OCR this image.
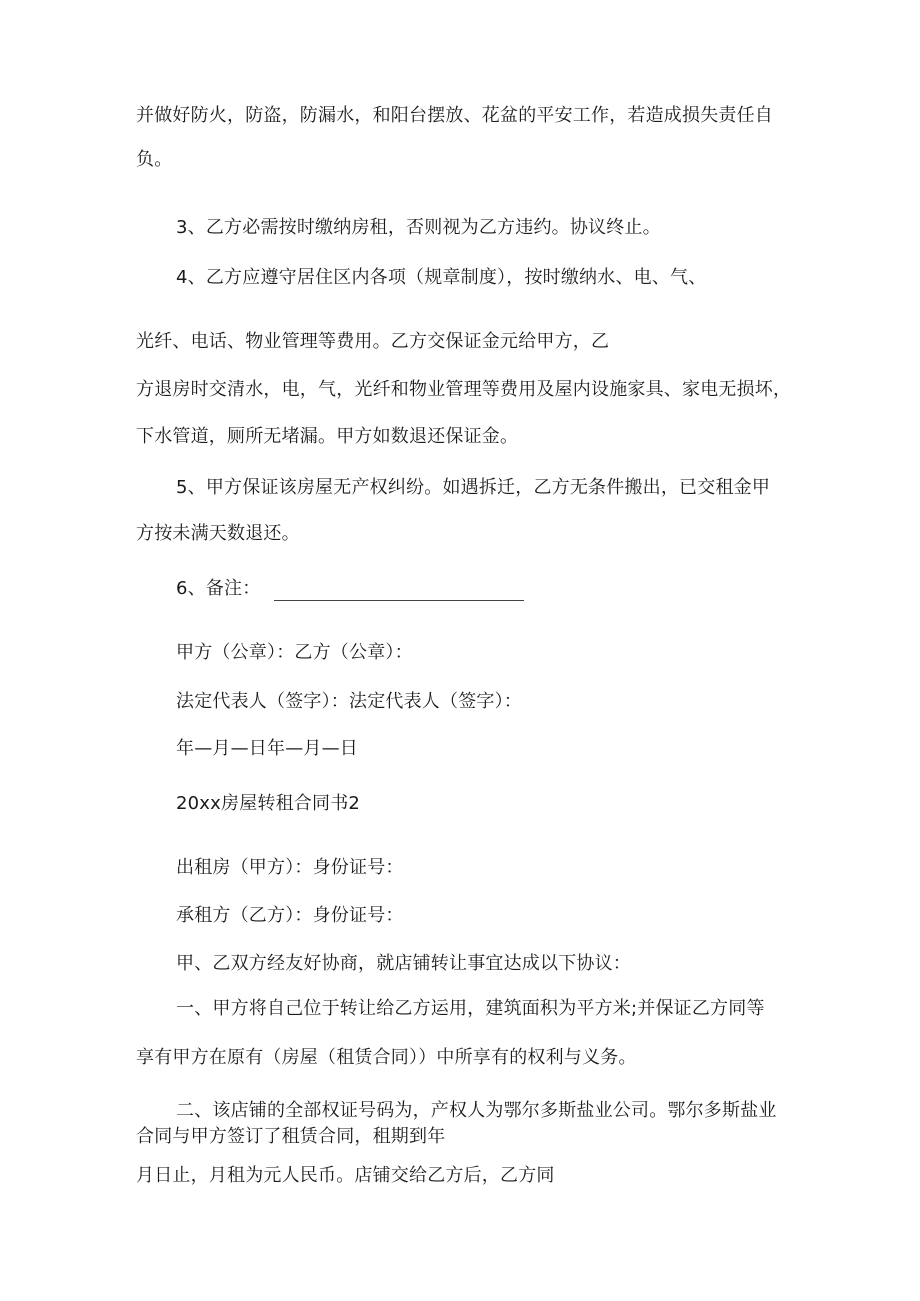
并做好防火，防盗，防漏水，和阳台摆放、花盆的平安工作，若造成损失责任自
负。
3、乙方必需按时缴纳房租，否则视为乙方违约。协议终止。
4、乙方应遵守居住区内各项（规章制度），按时缴纳水、电、气、
光纤、电话、物业管理等费用。乙方交保证金元给甲方，乙
方退房时交清水，电，气，光纤和物业管理等费用及屋内设施家具、家电无损坏，
下水管道，厕所无堵漏。甲方如数退还保证金。
5、甲方保证该房屋无产权纠纷。如遇拆迁，乙方无条件搬出，已交租金甲
方按未满天数退还。
6、备注：
甲方（公章）：乙方（公章）：
法定代表人（签字）：法定代表人（签字）：
年—月—日年—月—日
20xx房屋转租合同书2
出租房（甲方）：身份证号：
承租方（乙方）：身份证号：
甲、乙双方经友好协商，就店铺转让事宜达成以下协议：
一、甲方将自己位于转让给乙方运用，建筑面积为平方米;并保证乙方同等
享有甲方在原有（房屋（租赁合同））中所享有的权利与义务。
二、该店铺的全部权证号码为，产权人为鄂尔多斯盐业公司。鄂尔多斯盐业
合同与甲方签订了租赁合同，租期到年
月日止，月租为元人民币。店铺交给乙方后，乙方同
